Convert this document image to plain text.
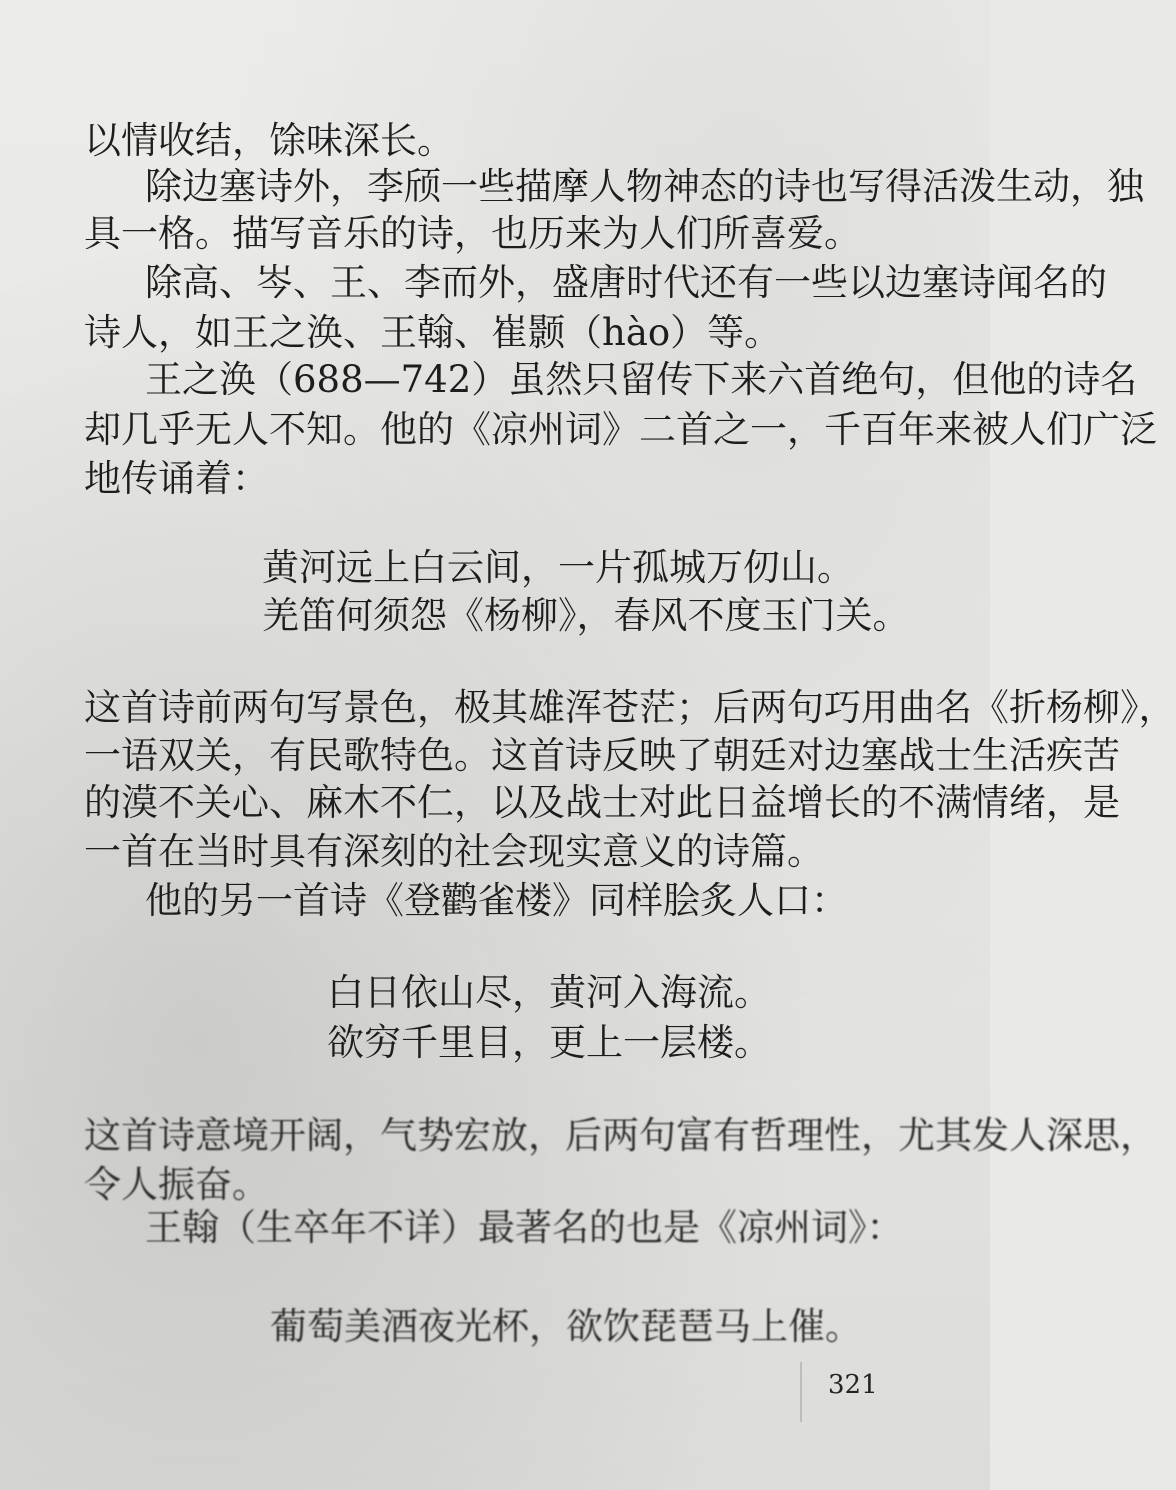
以情收结，馀味深长。
除边塞诗外，李颀一些描摩人物神态的诗也写得活泼生动，独
具一格。描写音乐的诗，也历来为人们所喜爱。
除高、岑、王、李而外，盛唐时代还有一些以边塞诗闻名的
诗人，如王之涣、王翰、崔颢（hào）等。
王之涣（688—742）虽然只留传下来六首绝句，但他的诗名
却几乎无人不知。他的《凉州词》二首之一，千百年来被人们广泛
地传诵着：
黄河远上白云间，一片孤城万仞山。
羌笛何须怨《杨柳》，春风不度玉门关。
这首诗前两句写景色，极其雄浑苍茫；后两句巧用曲名《折杨柳》，
一语双关，有民歌特色。这首诗反映了朝廷对边塞战士生活疾苦
的漠不关心、麻木不仁，以及战士对此日益增长的不满情绪，是
一首在当时具有深刻的社会现实意义的诗篇。
他的另一首诗《登鹳雀楼》同样脍炙人口：
白日依山尽，黄河入海流。
欲穷千里目，更上一层楼。
这首诗意境开阔，气势宏放，后两句富有哲理性，尤其发人深思，
令人振奋。
王翰（生卒年不详）最著名的也是《凉州词》：
葡萄美酒夜光杯，欲饮琵琶马上催。
321
